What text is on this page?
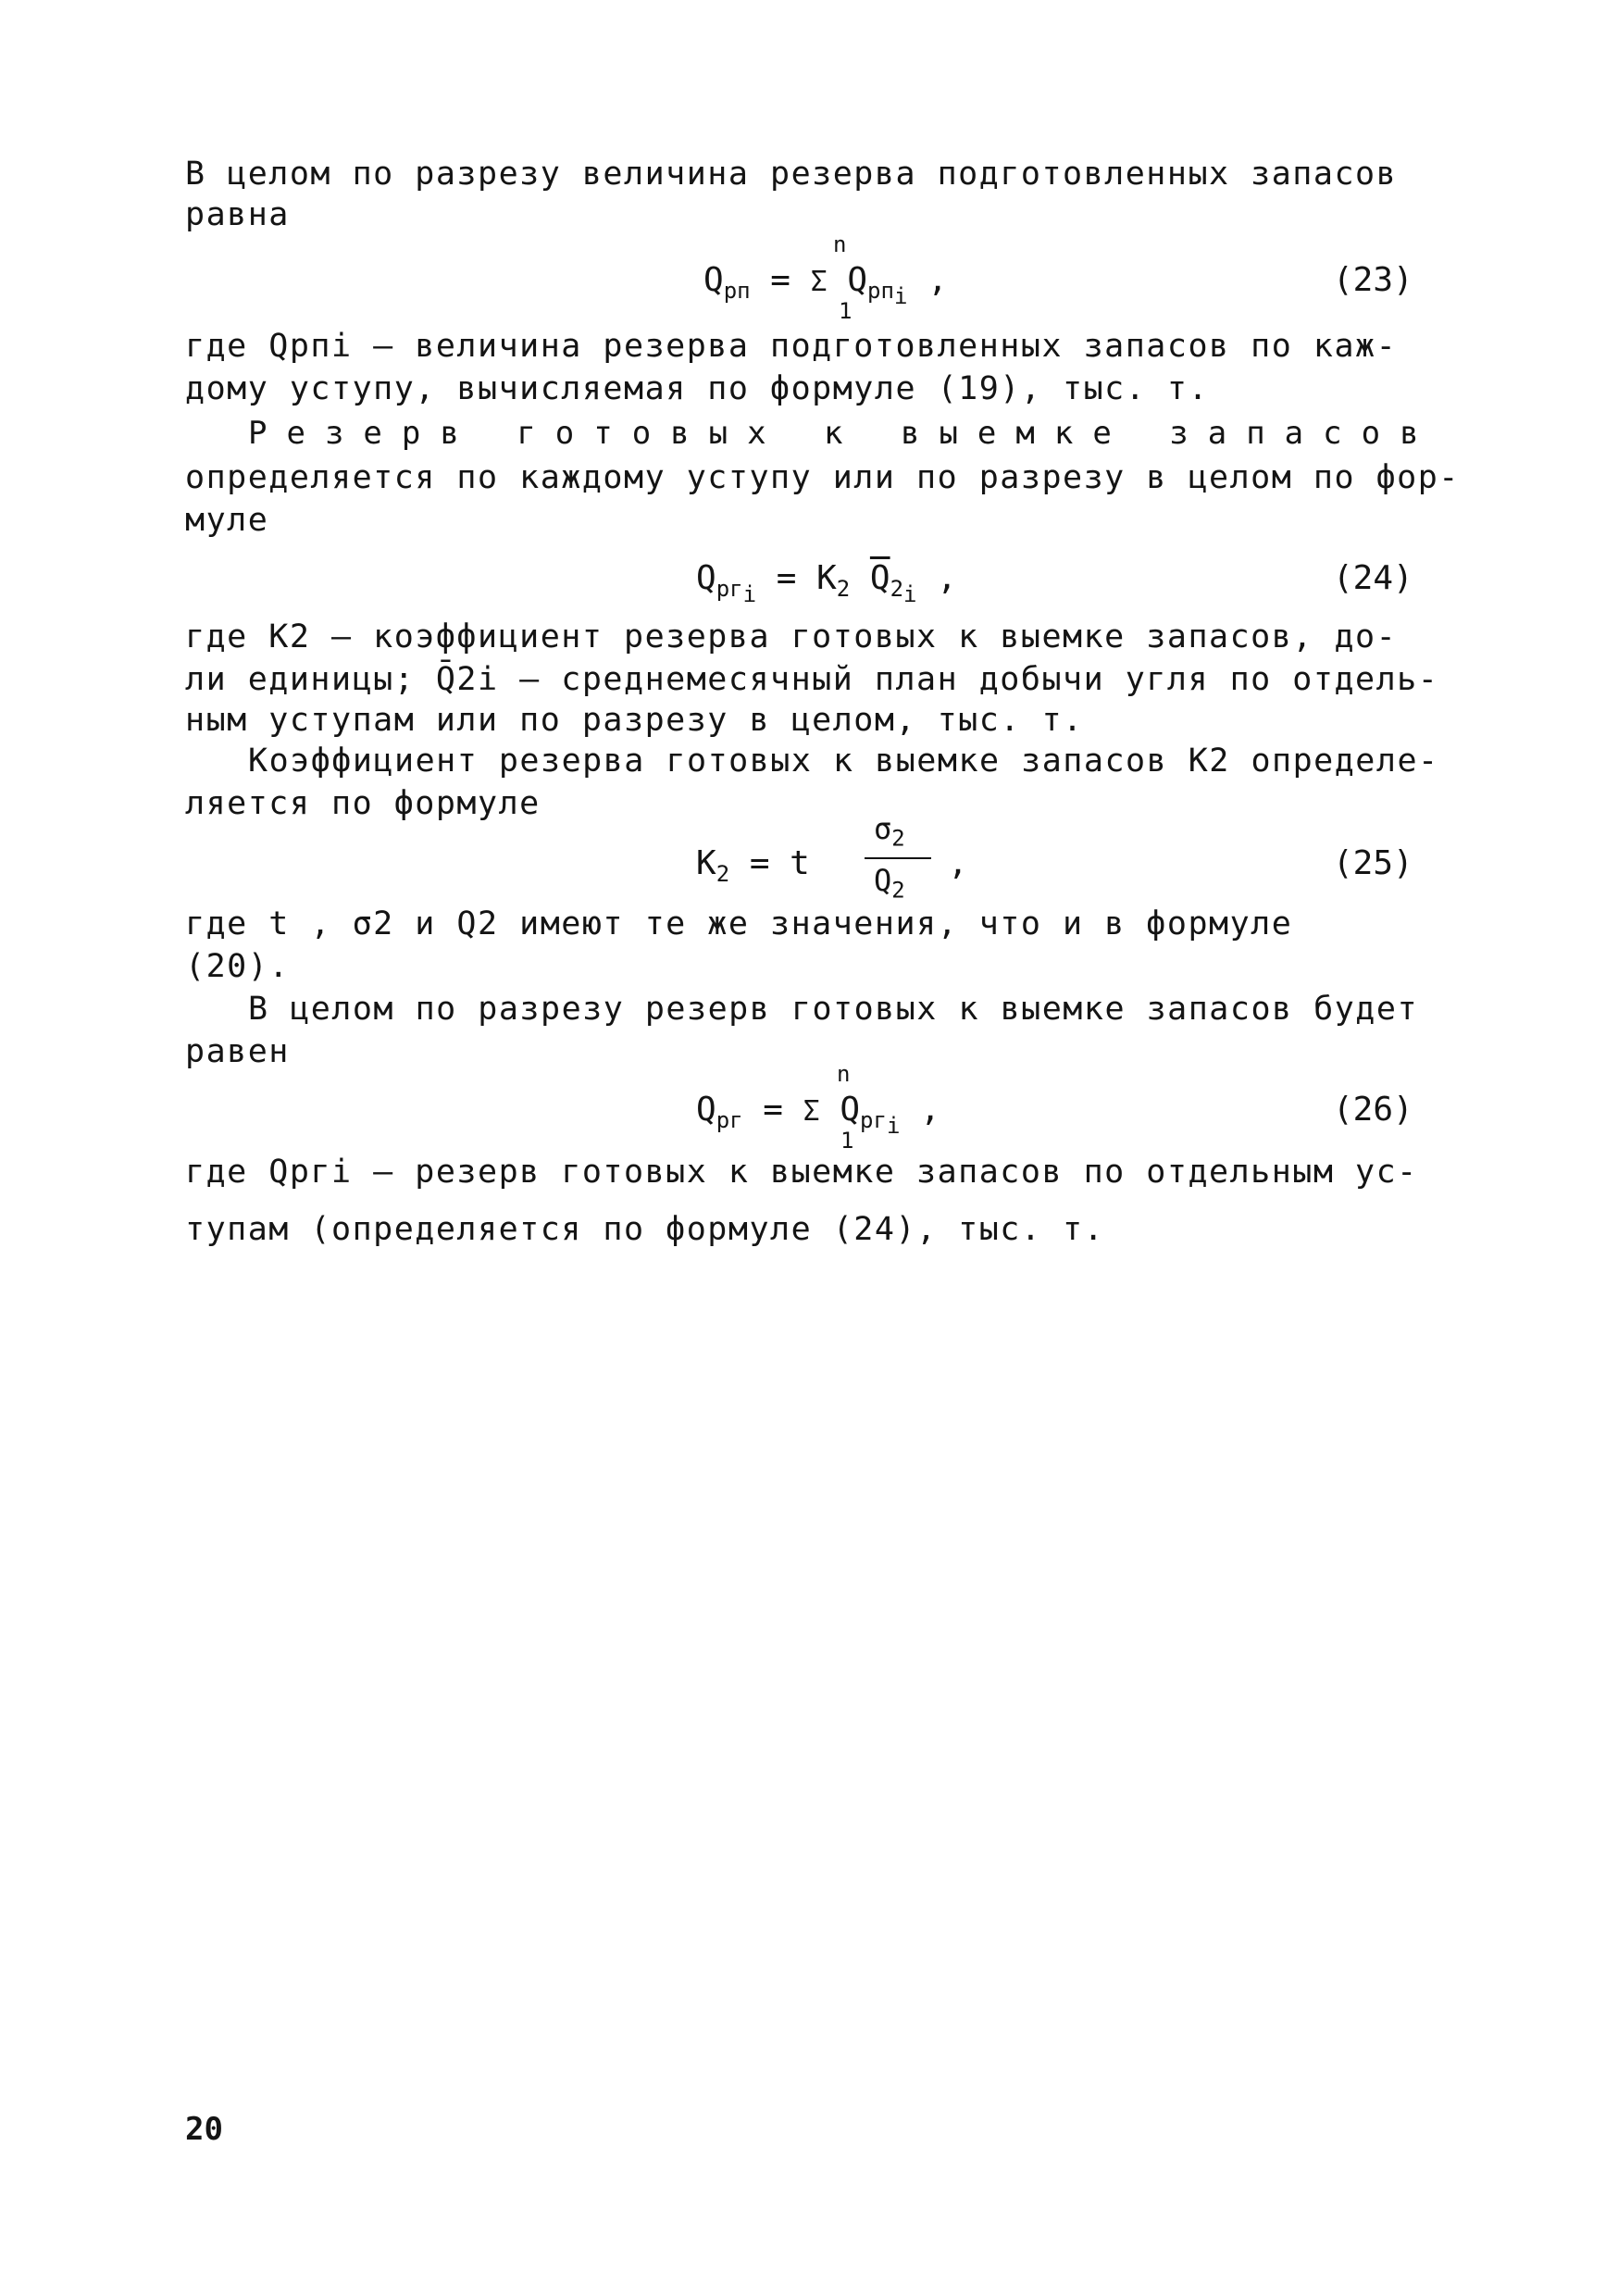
В целом по разрезу величина резерва подготовленных запасов
равна
n
$Q_{рп} = \Sigma$ $Q_{рп_i}$ ,
1
(23)
где Qрпi – величина резерва подготовленных запасов по каж-
дому уступу, вычисляемая по формуле (19), тыс. т.
Резерв готовых к выемке запасов
определяется по каждому уступу или по разрезу в целом по фор-
муле
$Q_{рг_i} = K_2$ $\overline{Q}_{2_i}$ ,	(24)
где K2 – коэффициент резерва готовых к выемке запасов, до-
ли единицы; Q̄2i – среднемесячный план добычи угля по отдель-
ным уступам или по разрезу в целом, тыс. т.
Коэффициент резерва готовых к выемке запасов K2 определе-
ляется по формуле
$K_2 = t$
$\sigma_2$
$Q_2$
,	(25)
где t , σ2 и Q2 имеют те же значения, что и в формуле
(20).
В целом по разрезу резерв готовых к выемке запасов будет
равен
n
$Q_{рг} = \Sigma$ $Q_{рг_i}$ ,
1
(26)
где Qргi – резерв готовых к выемке запасов по отдельным ус-
тупам (определяется по формуле (24), тыс. т.
20
